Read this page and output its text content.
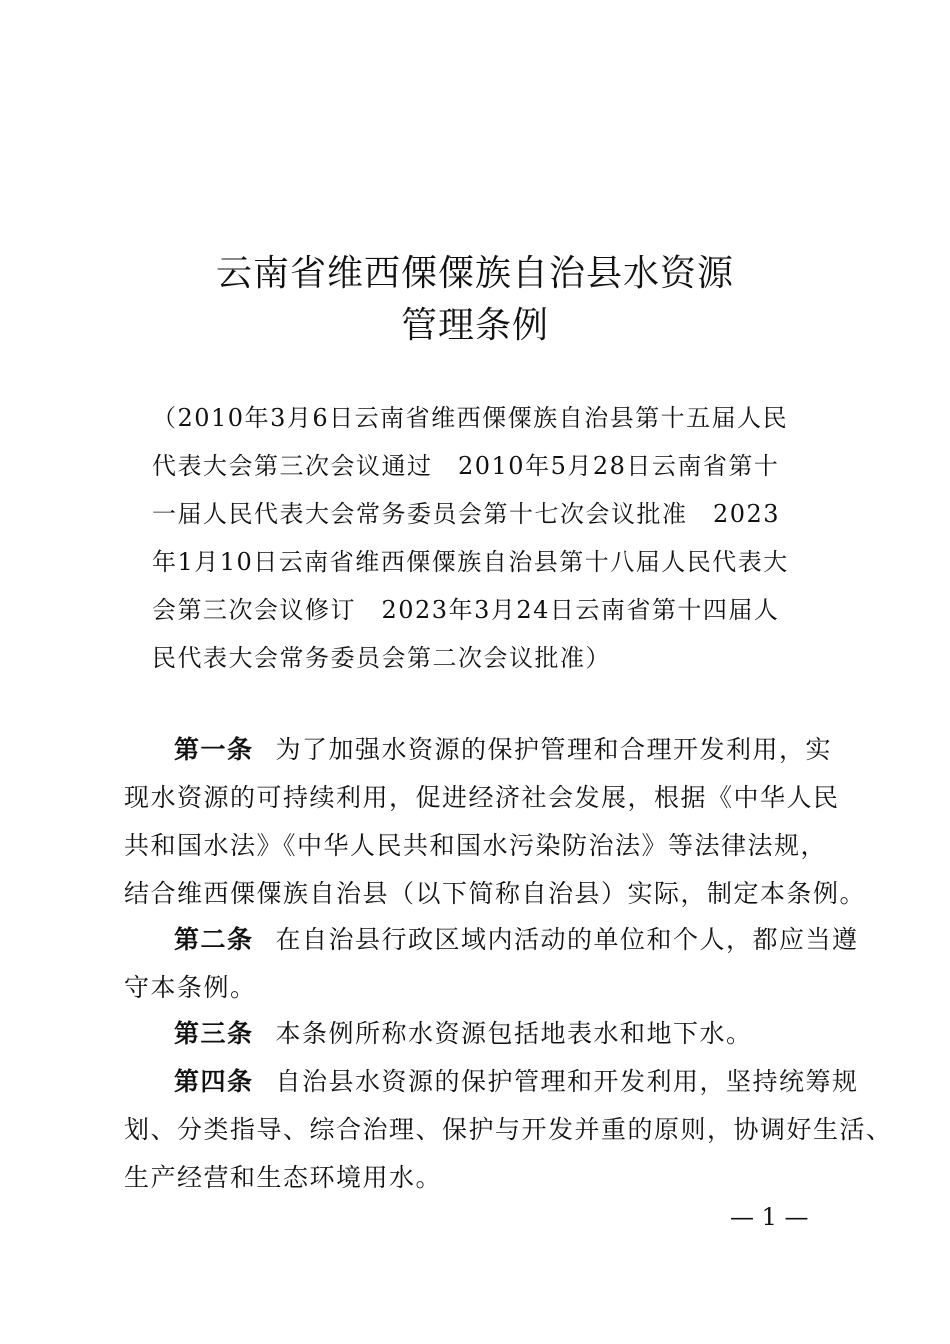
云南省维西傈僳族自治县水资源
管理条例
（2010年3月6日云南省维西傈僳族自治县第十五届人民
代表大会第三次会议通过　2010年5月28日云南省第十
一届人民代表大会常务委员会第十七次会议批准　2023
年1月10日云南省维西傈僳族自治县第十八届人民代表大
会第三次会议修订　2023年3月24日云南省第十四届人
民代表大会常务委员会第二次会议批准）
第一条 为了加强水资源的保护管理和合理开发利用，实
现水资源的可持续利用，促进经济社会发展，根据《中华人民
共和国水法》《中华人民共和国水污染防治法》等法律法规，
结合维西傈僳族自治县（以下简称自治县）实际，制定本条例。
第二条 在自治县行政区域内活动的单位和个人，都应当遵
守本条例。
第三条 本条例所称水资源包括地表水和地下水。
第四条 自治县水资源的保护管理和开发利用，坚持统筹规
划、分类指导、综合治理、保护与开发并重的原则，协调好生活、
生产经营和生态环境用水。
— 1 —
